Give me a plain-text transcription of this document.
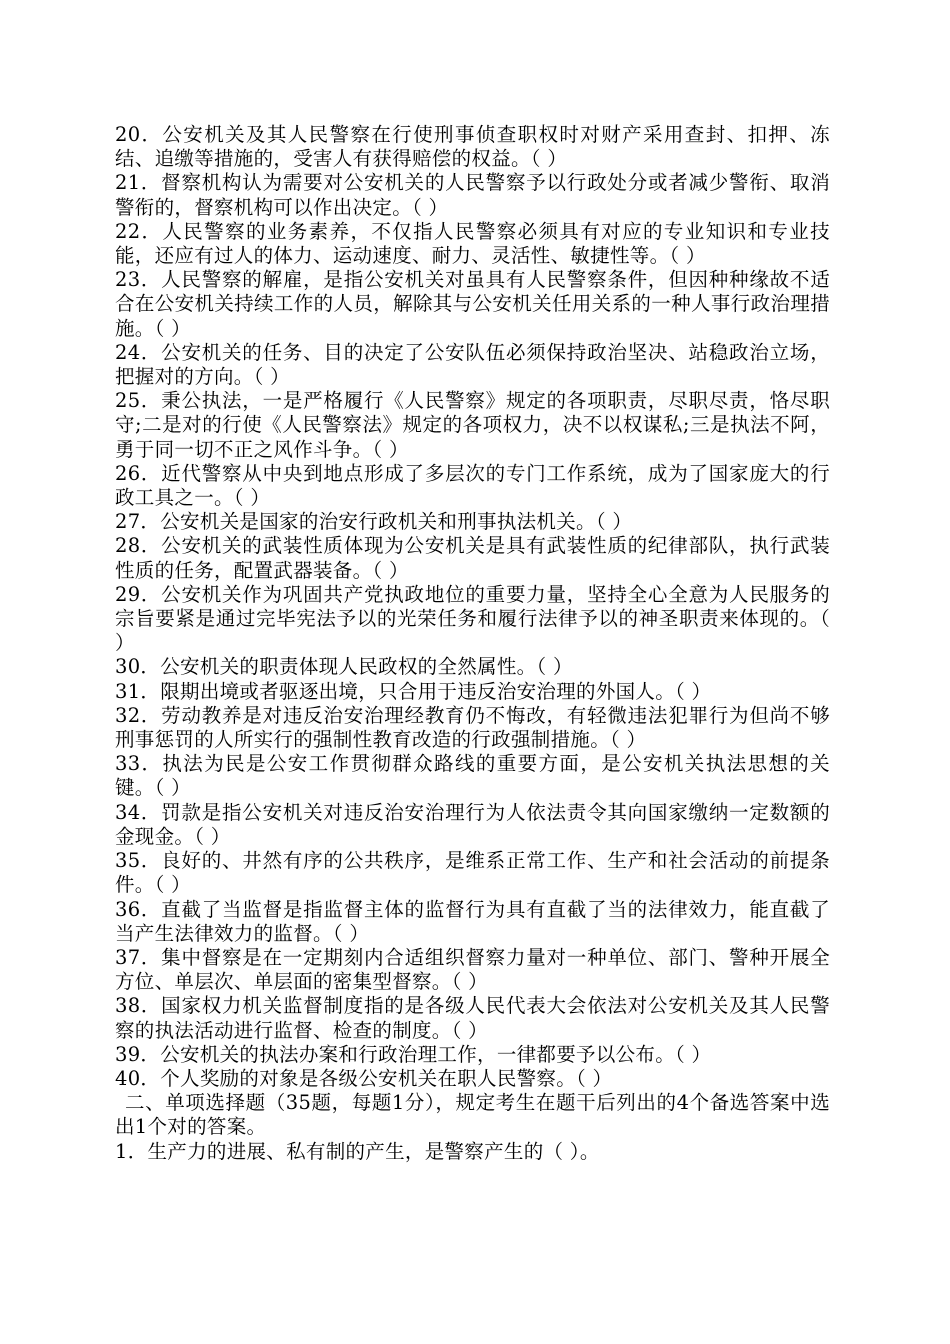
20．公安机关及其人民警察在行使刑事侦查职权时对财产采用查封、扣押、冻结、追缴等措施的，受害人有获得赔偿的权益。（ ）

21．督察机构认为需要对公安机关的人民警察予以行政处分或者减少警衔、取消警衔的，督察机构可以作出决定。（ ）

22．人民警察的业务素养，不仅指人民警察必须具有对应的专业知识和专业技能，还应有过人的体力、运动速度、耐力、灵活性、敏捷性等。（ ）

23．人民警察的解雇，是指公安机关对虽具有人民警察条件，但因种种缘故不适合在公安机关持续工作的人员，解除其与公安机关任用关系的一种人事行政治理措施。（ ）

24．公安机关的任务、目的决定了公安队伍必须保持政治坚决、站稳政治立场，把握对的方向。（ ）

25．秉公执法，一是严格履行《人民警察》规定的各项职责，尽职尽责，恪尽职守;二是对的行使《人民警察法》规定的各项权力，决不以权谋私;三是执法不阿，勇于同一切不正之风作斗争。（ ）

26．近代警察从中央到地点形成了多层次的专门工作系统，成为了国家庞大的行政工具之一。（ ）

27．公安机关是国家的治安行政机关和刑事执法机关。（ ）

28．公安机关的武装性质体现为公安机关是具有武装性质的纪律部队，执行武装性质的任务，配置武器装备。（ ）

29．公安机关作为巩固共产党执政地位的重要力量，坚持全心全意为人民服务的宗旨要紧是通过完毕宪法予以的光荣任务和履行法律予以的神圣职责来体现的。（ ）

30．公安机关的职责体现人民政权的全然属性。（ ）

31．限期出境或者驱逐出境，只合用于违反治安治理的外国人。（ ）

32．劳动教养是对违反治安治理经教育仍不悔改，有轻微违法犯罪行为但尚不够刑事惩罚的人所实行的强制性教育改造的行政强制措施。（ ）

33．执法为民是公安工作贯彻群众路线的重要方面，是公安机关执法思想的关键。（ ）

34．罚款是指公安机关对违反治安治理行为人依法责令其向国家缴纳一定数额的金现金。（ ）

35．良好的、井然有序的公共秩序，是维系正常工作、生产和社会活动的前提条件。（ ）

36．直截了当监督是指监督主体的监督行为具有直截了当的法律效力，能直截了当产生法律效力的监督。（ ）

37．集中督察是在一定期刻内合适组织督察力量对一种单位、部门、警种开展全方位、单层次、单层面的密集型督察。（ ）

38．国家权力机关监督制度指的是各级人民代表大会依法对公安机关及其人民警察的执法活动进行监督、检查的制度。（ ）

39．公安机关的执法办案和行政治理工作，一律都要予以公布。（ ）

40．个人奖励的对象是各级公安机关在职人民警察。（ ）

二、单项选择题（35题，每题1分），规定考生在题干后列出的4个备选答案中选出1个对的答案。

1．生产力的进展、私有制的产生，是警察产生的（ ）。
